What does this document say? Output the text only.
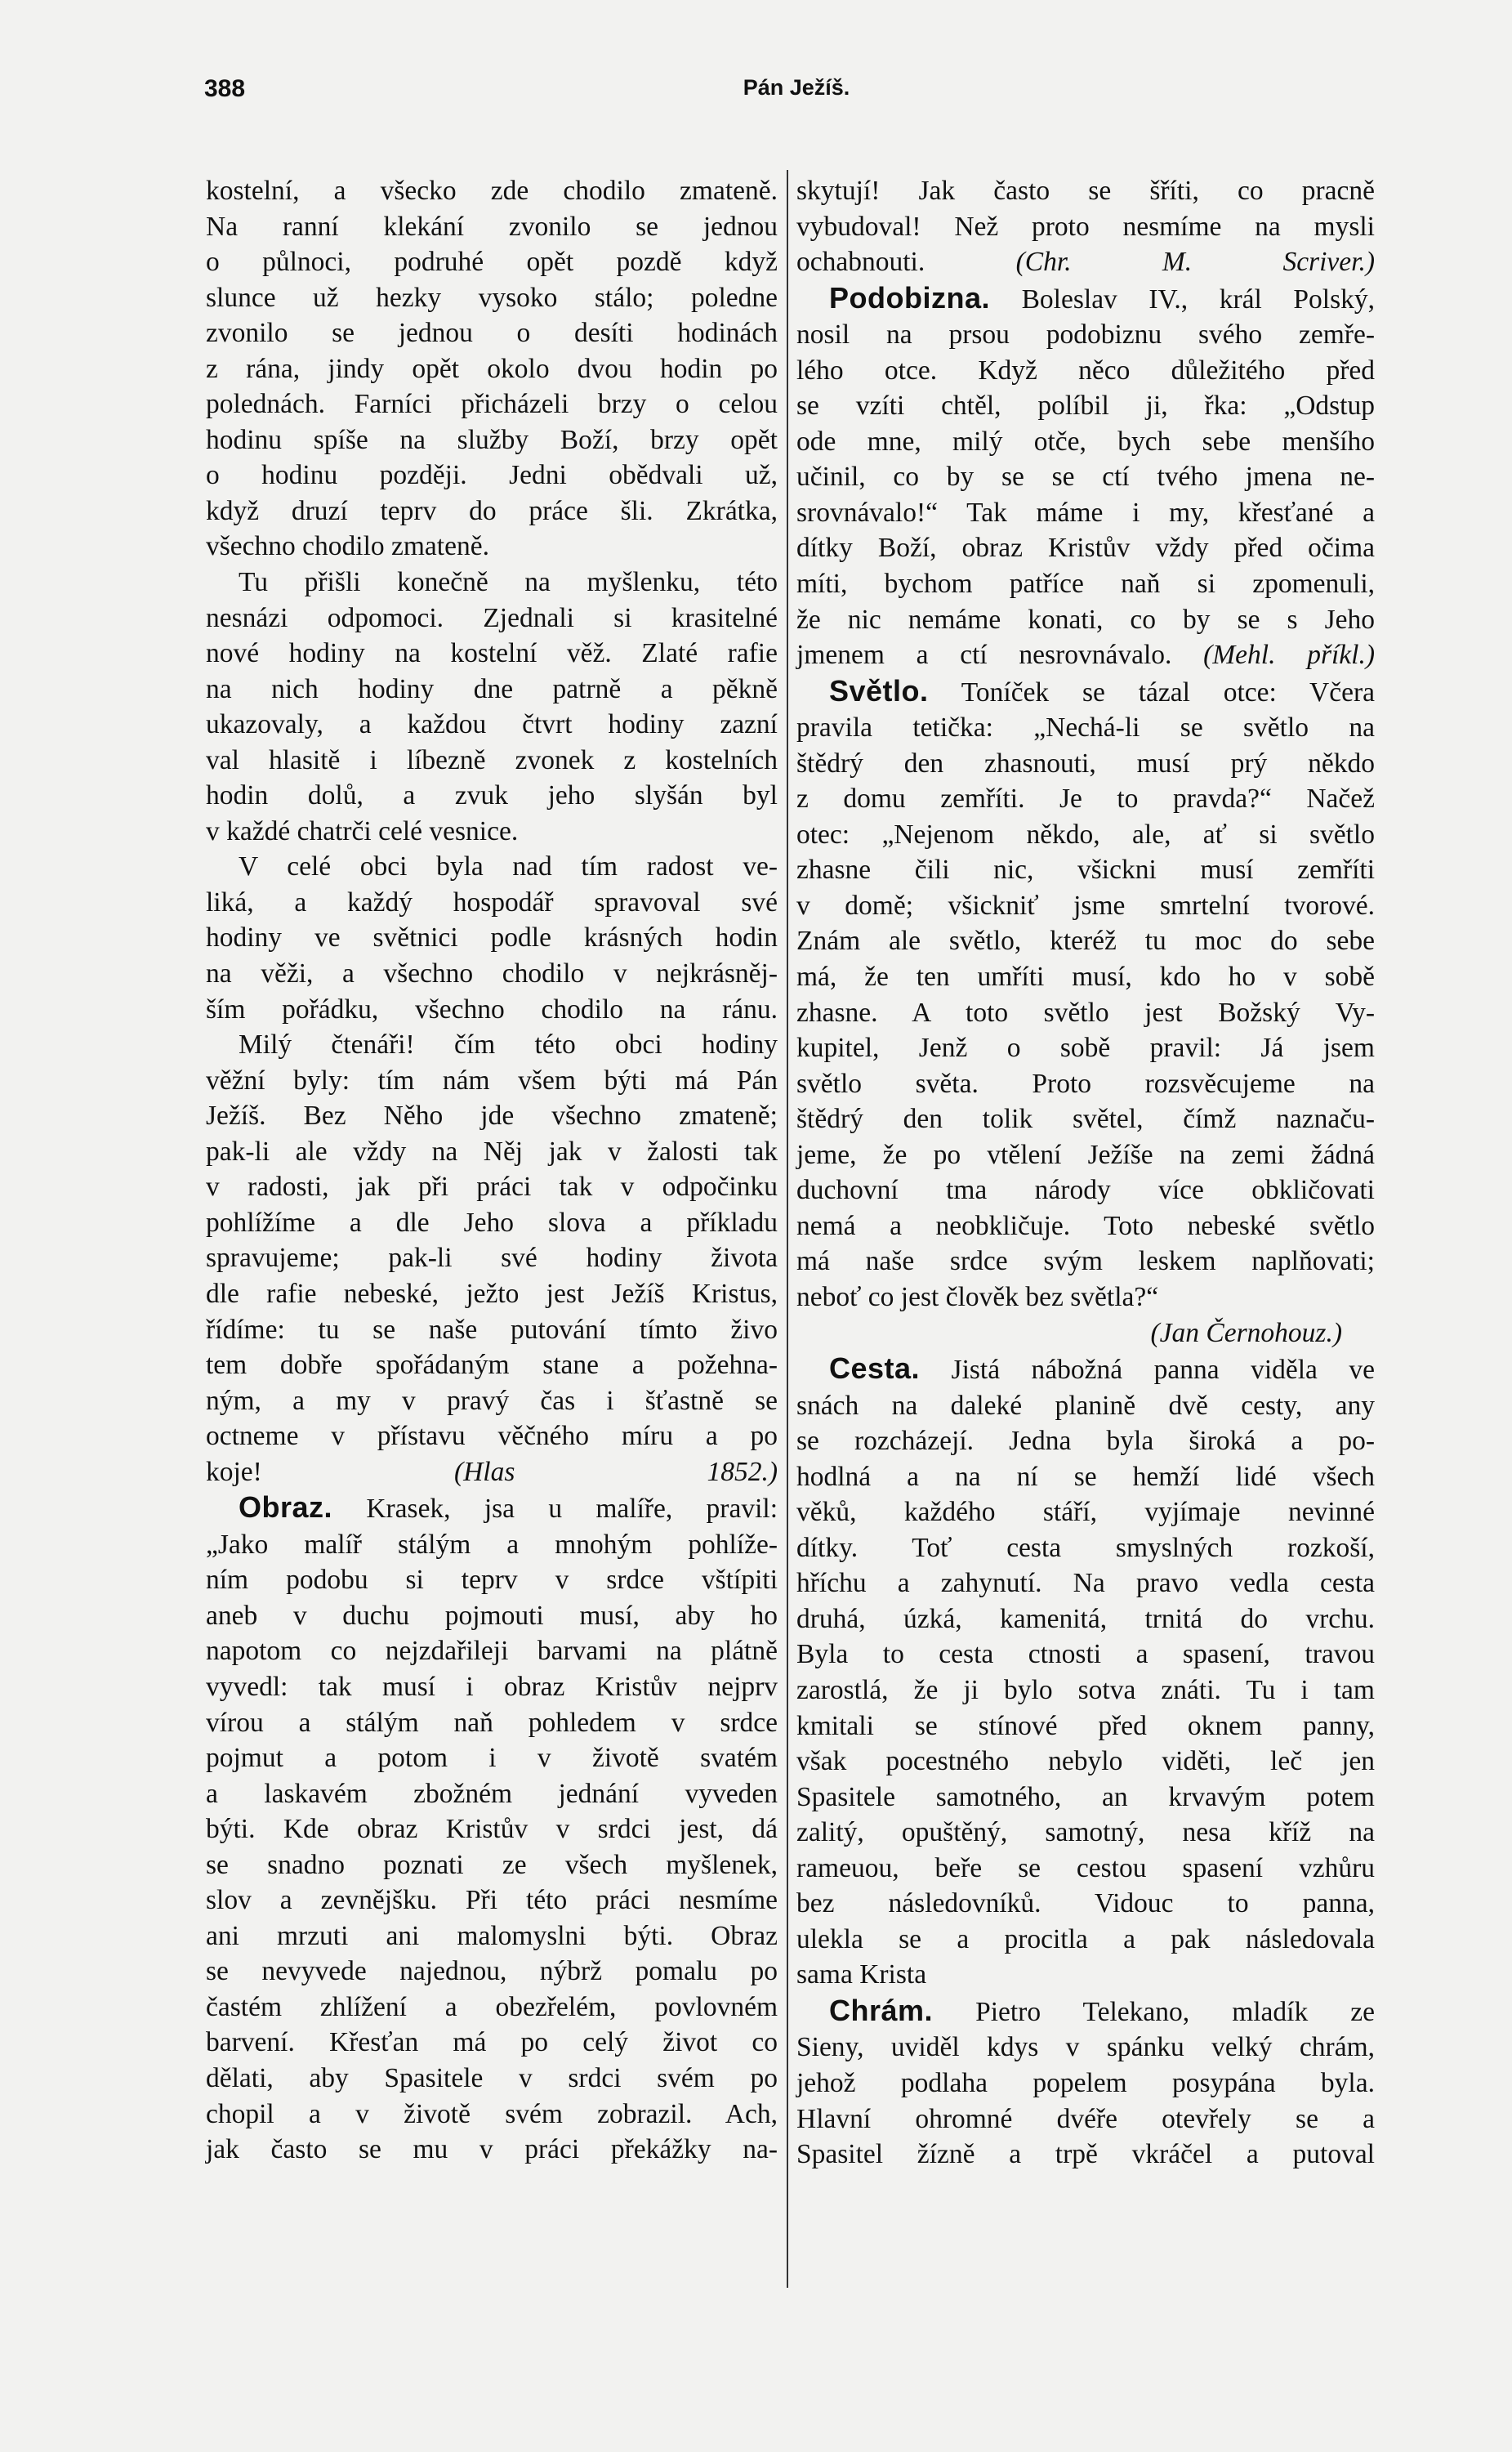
388	Pán Ježíš.

kostelní, a všecko zde chodilo zmateně.
Na ranní klekání zvonilo se jednou
o půlnoci, podruhé opět pozdě když
slunce už hezky vysoko stálo; poledne
zvonilo se jednou o desíti hodinách
z rána, jindy opět okolo dvou hodin po
polednách. Farníci přicházeli brzy o celou
hodinu spíše na služby Boží, brzy opět
o hodinu později. Jedni obědvali už,
když druzí teprv do práce šli. Zkrátka,
všechno chodilo zmateně.

Tu přišli konečně na myšlenku, této
nesnázi odpomoci. Zjednali si krasitelné
nové hodiny na kostelní věž. Zlaté rafie
na nich hodiny dne patrně a pěkně
ukazovaly, a každou čtvrt hodiny zazní
val hlasitě i líbezně zvonek z kostelních
hodin dolů, a zvuk jeho slyšán byl
v každé chatrči celé vesnice.

V celé obci byla nad tím radost ve-
liká, a každý hospodář spravoval své
hodiny ve světnici podle krásných hodin
na věži, a všechno chodilo v nejkrásněj-
ším pořádku, všechno chodilo na ránu.

Milý čtenáři! čím této obci hodiny
věžní byly: tím nám všem býti má Pán
Ježíš. Bez Něho jde všechno zmateně;
pak-li ale vždy na Něj jak v žalosti tak
v radosti, jak při práci tak v odpočinku
pohlížíme a dle Jeho slova a příkladu
spravujeme; pak-li své hodiny života
dle rafie nebeské, ježto jest Ježíš Kristus,
řídíme: tu se naše putování tímto živo
tem dobře spořádaným stane a požehna-
ným, a my v pravý čas i šťastně se
octneme v přístavu věčného míru a po
koje!	(Hlas 1852.)

Obraz. Krasek, jsa u malíře, pravil:
„Jako malíř stálým a mnohým pohlíže-
ním podobu si teprv v srdce vštípiti
aneb v duchu pojmouti musí, aby ho
napotom co nejzdařileji barvami na plátně
vyvedl: tak musí i obraz Kristův nejprv
vírou a stálým naň pohledem v srdce
pojmut a potom i v životě svatém
a laskavém zbožném jednání vyveden
býti. Kde obraz Kristův v srdci jest, dá
se snadno poznati ze všech myšlenek,
slov a zevnějšku. Při této práci nesmíme
ani mrzuti ani malomyslni býti. Obraz
se nevyvede najednou, nýbrž pomalu po
častém zhlížení a obezřelém, povlovném
barvení. Křesťan má po celý život co
dělati, aby Spasitele v srdci svém po
chopil a v životě svém zobrazil. Ach,
jak často se mu v práci překážky na-

skytují! Jak často se šříti, co pracně
vybudoval! Než proto nesmíme na mysli
ochabnouti.	(Chr. M. Scriver.)

Podobizna. Boleslav IV., král Polský,
nosil na prsou podobiznu svého zemře-
lého otce. Když něco důležitého před
se vzíti chtěl, políbil ji, řka: „Odstup
ode mne, milý otče, bych sebe menšího
učinil, co by se se ctí tvého jmena ne-
srovnávalo!“ Tak máme i my, křesťané a
dítky Boží, obraz Kristův vždy před očima
míti, bychom patříce naň si zpomenuli,
že nic nemáme konati, co by se s Jeho
jmenem a ctí nesrovnávalo. (Mehl. příkl.)

Světlo. Toníček se tázal otce: Včera
pravila tetička: „Nechá-li se světlo na
štědrý den zhasnouti, musí prý někdo
z domu zemříti. Je to pravda?“ Načež
otec: „Nejenom někdo, ale, ať si světlo
zhasne čili nic, všickni musí zemříti
v domě; všickniť jsme smrtelní tvorové.
Znám ale světlo, kteréž tu moc do sebe
má, že ten umříti musí, kdo ho v sobě
zhasne. A toto světlo jest Božský Vy-
kupitel, Jenž o sobě pravil: Já jsem
světlo světa. Proto rozsvěcujeme na
štědrý den tolik světel, čímž naznaču-
jeme, že po vtělení Ježíše na zemi žádná
duchovní tma národy více obkličovati
nemá a neobkličuje. Toto nebeské světlo
má naše srdce svým leskem naplňovati;
neboť co jest člověk bez světla?“
(Jan Černohouz.)

Cesta. Jistá nábožná panna viděla ve
snách na daleké planině dvě cesty, any
se rozcházejí. Jedna byla široká a po-
hodlná a na ní se hemží lidé všech
věků, každého stáří, vyjímaje nevinné
dítky. Toť cesta smyslných rozkoší,
hříchu a zahynutí. Na pravo vedla cesta
druhá, úzká, kamenitá, trnitá do vrchu.
Byla to cesta ctnosti a spasení, travou
zarostlá, že ji bylo sotva znáti. Tu i tam
kmitali se stínové před oknem panny,
však pocestného nebylo viděti, leč jen
Spasitele samotného, an krvavým potem
zalitý, opuštěný, samotný, nesa kříž na
rameuou, beře se cestou spasení vzhůru
bez následovníků. Vidouc to panna,
ulekla se a procitla a pak následovala
sama Krista

Chrám. Pietro Telekano, mladík ze
Sieny, uviděl kdys v spánku velký chrám,
jehož podlaha popelem posypána byla.
Hlavní ohromné dvéře otevřely se a
Spasitel žízně a trpě vkráčel a putoval
